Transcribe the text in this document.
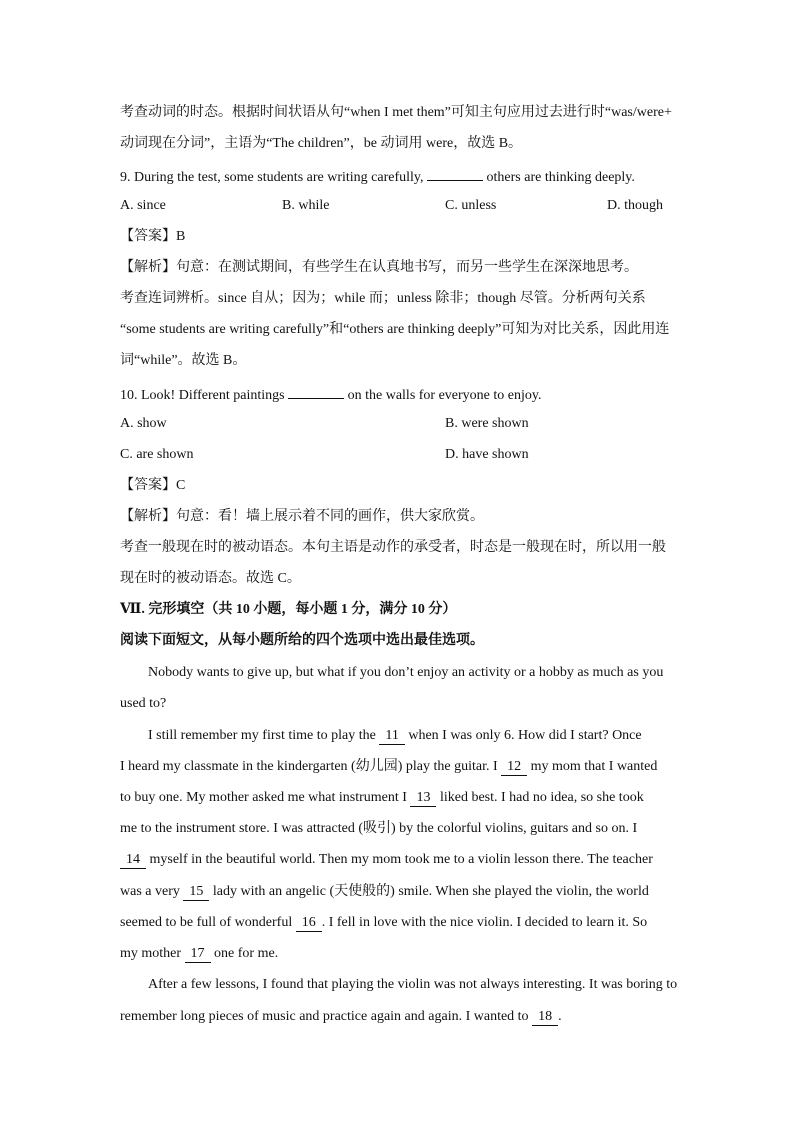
考查动词的时态。根据时间状语从句“when I met them”可知主句应用过去进行时“was/were+
动词现在分词”，主语为“The children”，be 动词用 were，故选 B。
9. During the test, some students are writing carefully,	others are thinking deeply.
A. since	B. while	C. unless	D. though
【答案】B
【解析】句意：在测试期间，有些学生在认真地书写，而另一些学生在深深地思考。
考查连词辨析。since 自从；因为；while 而；unless 除非；though 尽管。分析两句关系
“some students are writing carefully”和“others are thinking deeply”可知为对比关系，因此用连
词“while”。故选 B。
10. Look! Different paintings	on the walls for everyone to enjoy.
A. show	B. were shown
C. are shown	D. have shown
【答案】C
【解析】句意：看！墙上展示着不同的画作，供大家欣赏。
考查一般现在时的被动语态。本句主语是动作的承受者，时态是一般现在时，所以用一般
现在时的被动语态。故选 C。
Ⅶ. 完形填空（共 10 小题，每小题 1 分，满分 10 分）
阅读下面短文，从每小题所给的四个选项中选出最佳选项。
Nobody wants to give up, but what if you don’t enjoy an activity or a hobby as much as you
used to?
I still remember my first time to play the 11 when I was only 6. How did I start? Once
I heard my classmate in the kindergarten (幼儿园) play the guitar. I 12 my mom that I wanted
to buy one. My mother asked me what instrument I 13 liked best. I had no idea, so she took
me to the instrument store. I was attracted (吸引) by the colorful violins, guitars and so on. I
14 myself in the beautiful world. Then my mom took me to a violin lesson there. The teacher
was a very 15 lady with an angelic (天使般的) smile. When she played the violin, the world
seemed to be full of wonderful 16 . I fell in love with the nice violin. I decided to learn it. So
my mother 17 one for me.
After a few lessons, I found that playing the violin was not always interesting. It was boring to
remember long pieces of music and practice again and again. I wanted to 18 .
